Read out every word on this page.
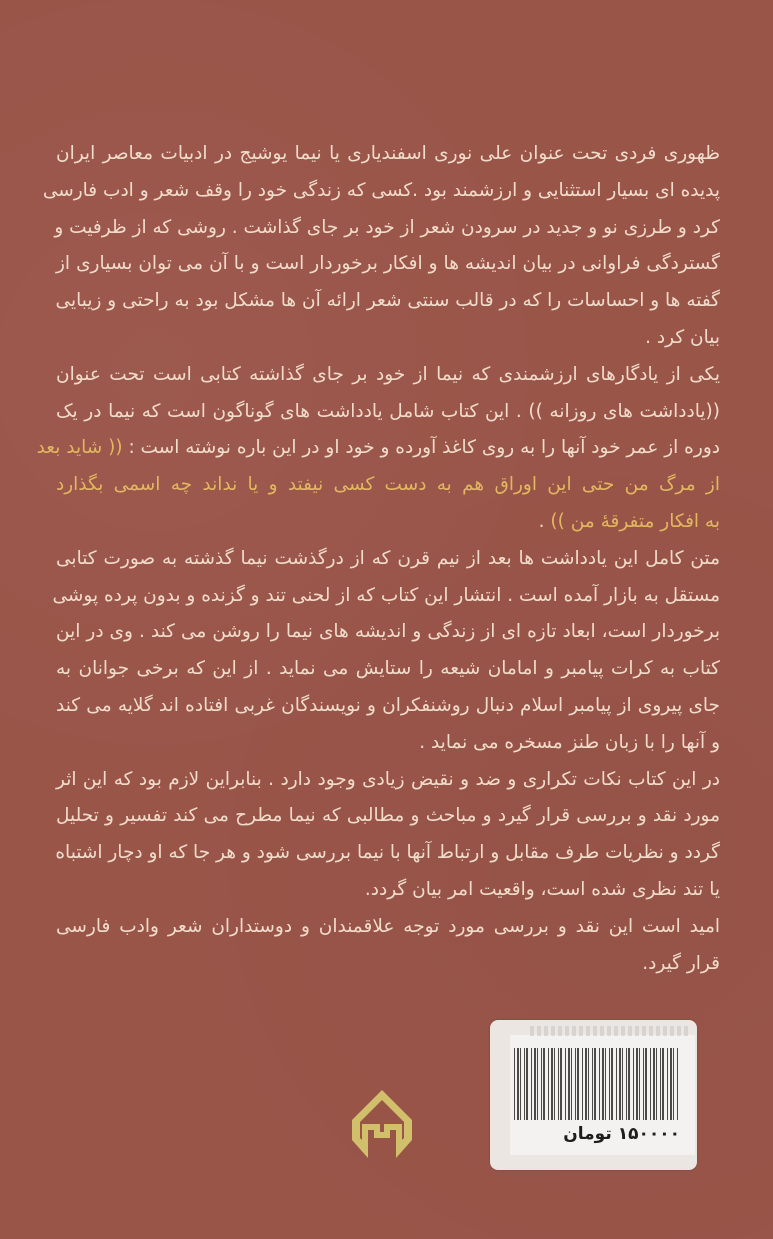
ظهوری فردی تحت عنوان علی نوری اسفندیاری یا نیما یوشیج در ادبیات معاصر ایران
پدیده ای بسیار استثنایی و ارزشمند بود .کسی که زندگی خود را وقف شعر و ادب فارسی
کرد و طرزی نو و جدید در سرودن شعر از خود بر جای گذاشت . روشی که از ظرفیت و
گستردگی فراوانی در بیان اندیشه ها و افکار برخوردار است و با آن می توان بسیاری از
گفته ها و احساسات را که در قالب سنتی شعر ارائه آن ها مشکل بود به راحتی و زیبایی
بیان کرد .

یکی از یادگارهای ارزشمندی که نیما از خود بر جای گذاشته کتابی است تحت عنوان
((یادداشت های روزانه )) . این کتاب شامل یادداشت های گوناگون است که نیما در یک
دوره از عمر خود آنها را به روی کاغذ آورده و خود او در این باره نوشته است : (( شاید بعد
از مرگ من حتی این اوراق هم به دست کسی نیفتد و یا نداند چه اسمی بگذارد
به افکار متفرقهٔ من )) .

متن کامل این یادداشت ها بعد از نیم قرن که از درگذشت نیما گذشته به صورت کتابی
مستقل به بازار آمده است . انتشار این کتاب که از لحنی تند و گزنده و بدون پرده پوشی
برخوردار است، ابعاد تازه ای از زندگی و اندیشه های نیما را روشن می کند . وی در این
کتاب به کرات پیامبر و امامان شیعه را ستایش می نماید . از این که برخی جوانان به
جای پیروی از پیامبر اسلام دنبال روشنفکران و نویسندگان غربی افتاده اند گلایه می کند
و آنها را با زبان طنز مسخره می نماید .

در این کتاب نکات تکراری و ضد و نقیض زیادی وجود دارد . بنابراین لازم بود که این اثر
مورد نقد و بررسی قرار گیرد و مباحث و مطالبی که نیما مطرح می کند تفسیر و تحلیل
گردد و نظریات طرف مقابل و ارتباط آنها با نیما بررسی شود و هر جا که او دچار اشتباه
یا تند نظری شده است، واقعیت امر بیان گردد.

امید است این نقد و بررسی مورد توجه علاقمندان و دوستداران شعر وادب فارسی
قرار گیرد.

۱۵۰۰۰۰تومان
